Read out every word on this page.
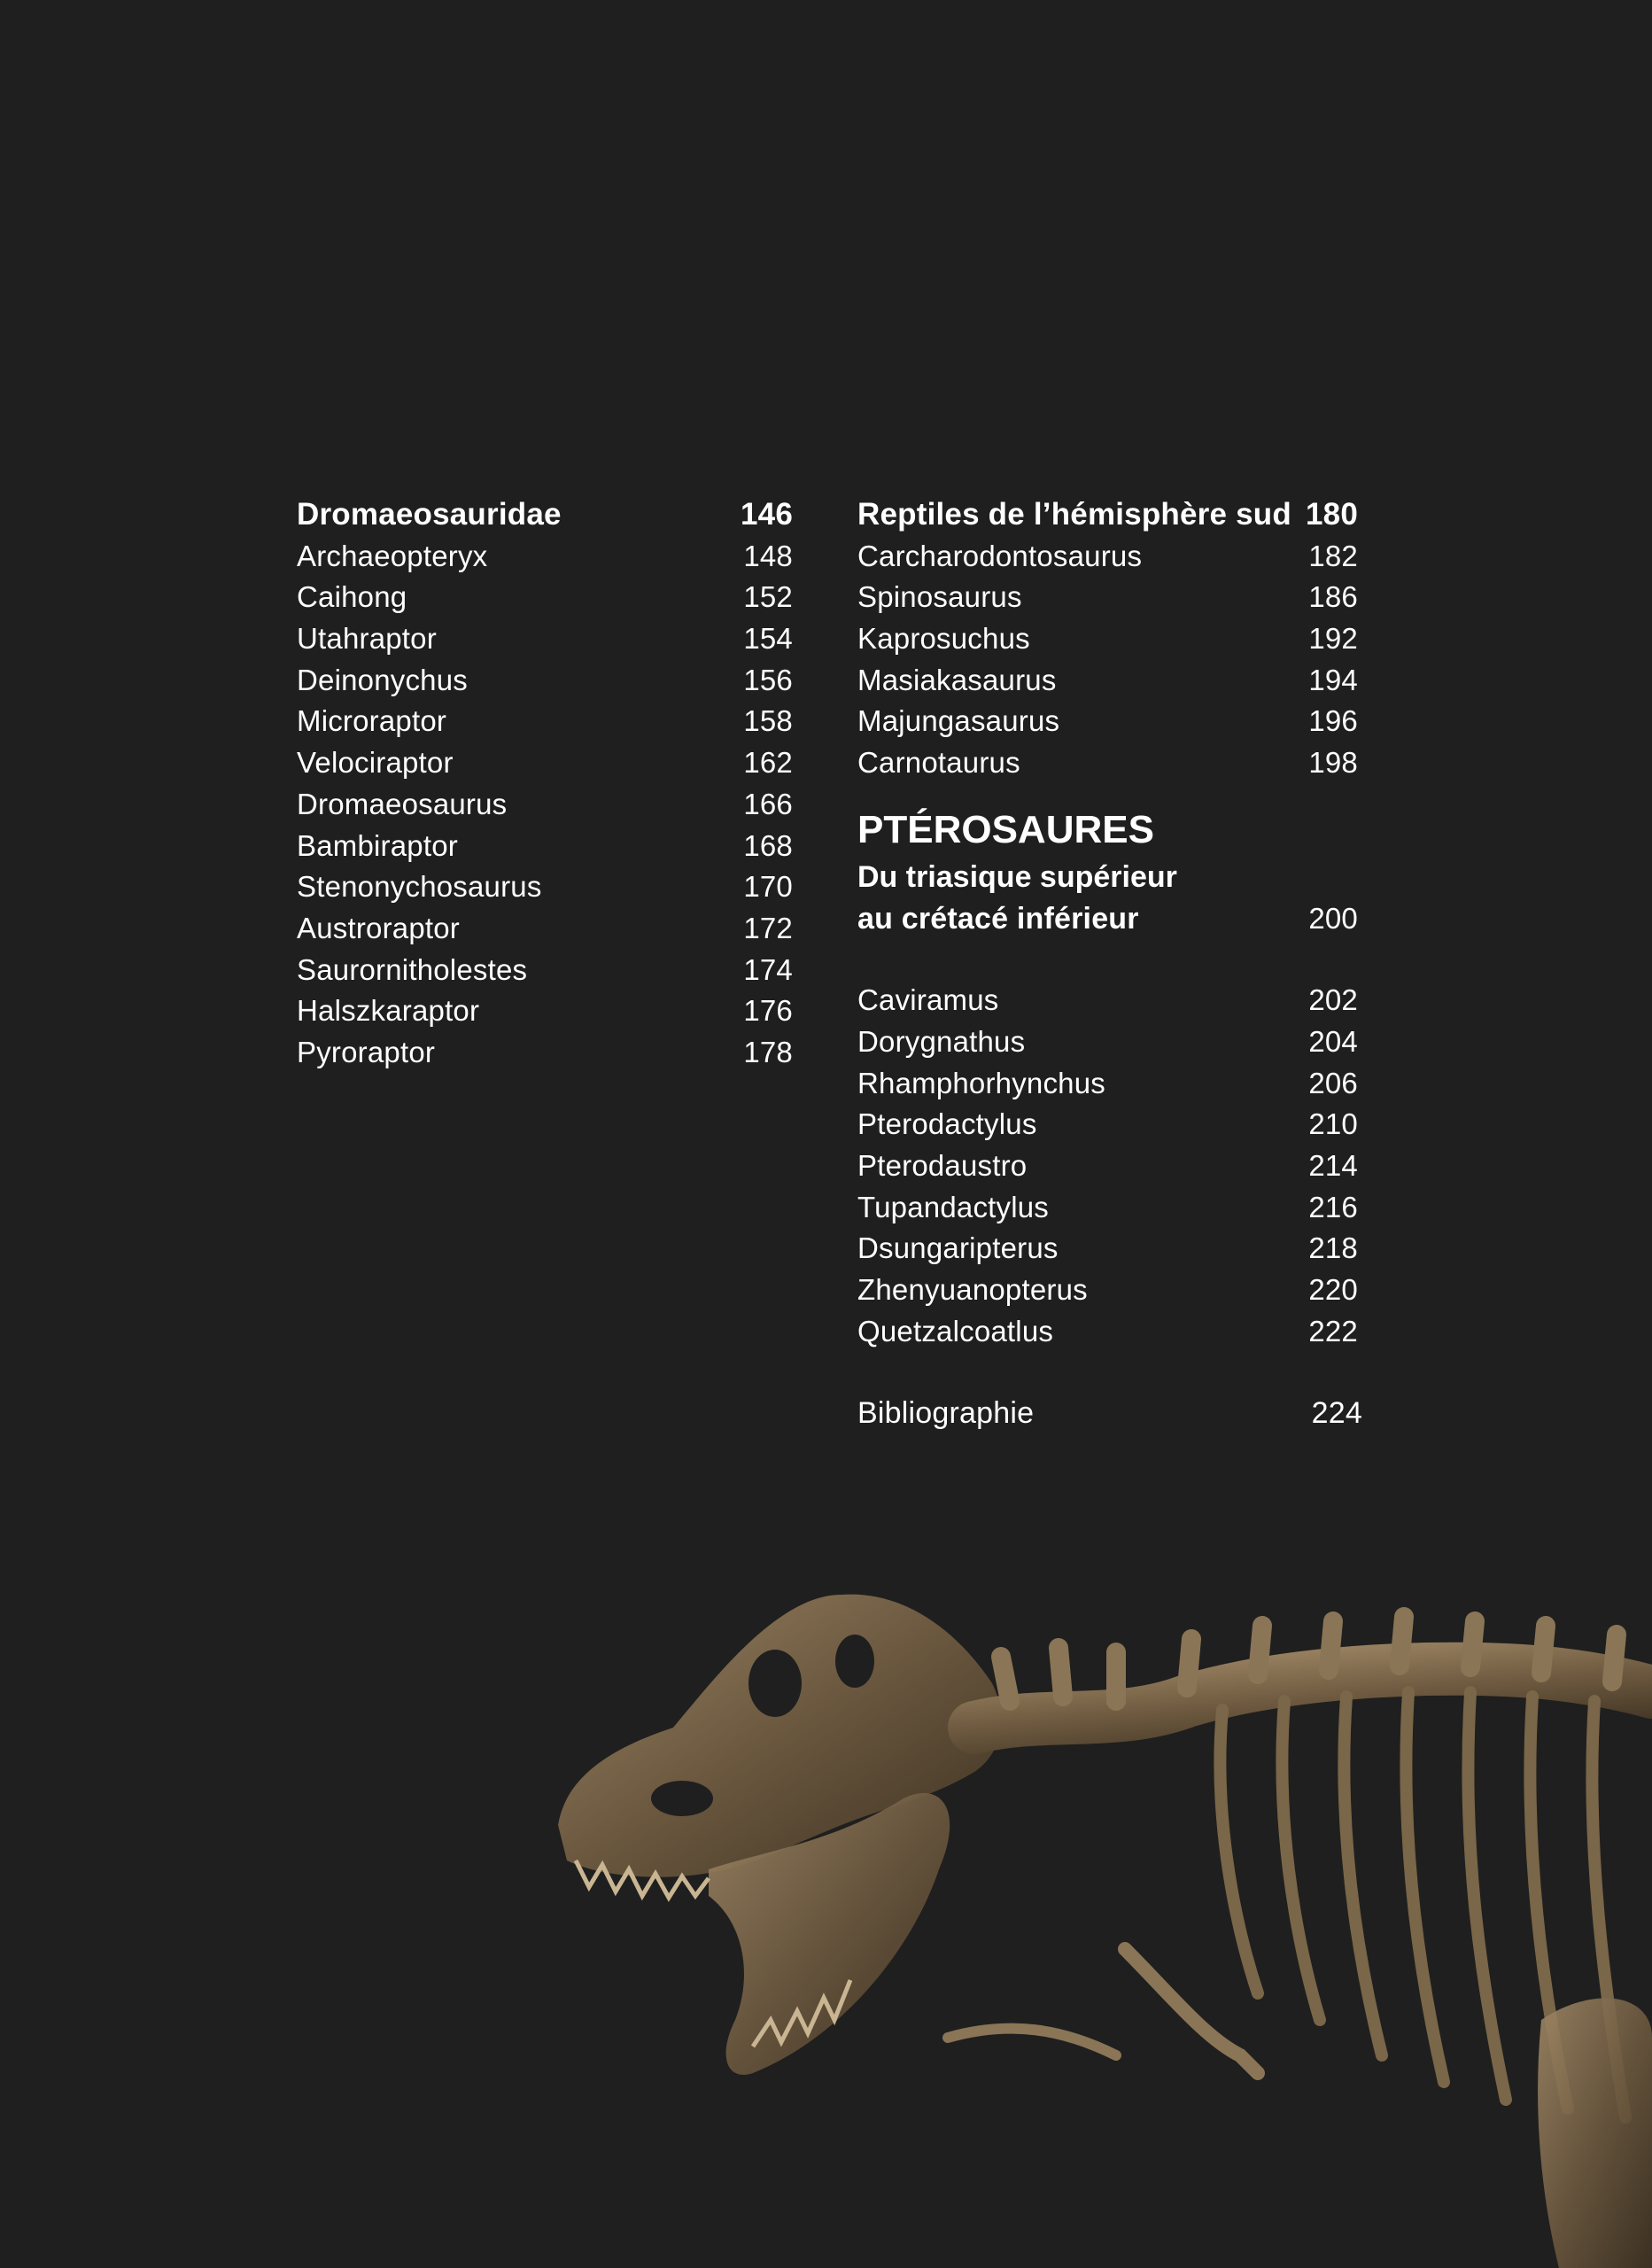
Dromaeosauridae	146
Archaeopteryx	148
Caihong	152
Utahraptor	154
Deinonychus	156
Microraptor	158
Velociraptor	162
Dromaeosaurus	166
Bambiraptor	168
Stenonychosaurus	170
Austroraptor	172
Saurornitholestes	174
Halszkaraptor	176
Pyroraptor	178
Reptiles de l’hémisphère sud 180
Carcharodontosaurus	182
Spinosaurus	186
Kaprosuchus	192
Masiakasaurus	194
Majungasaurus	196
Carnotaurus	198
PTÉROSAURES
Du triasique supérieur
au crétacé inférieur	200
Caviramus	202
Dorygnathus	204
Rhamphorhynchus	206
Pterodactylus	210
Pterodaustro	214
Tupandactylus	216
Dsungaripterus	218
Zhenyuanopterus	220
Quetzalcoatlus	222
Bibliographie	224
